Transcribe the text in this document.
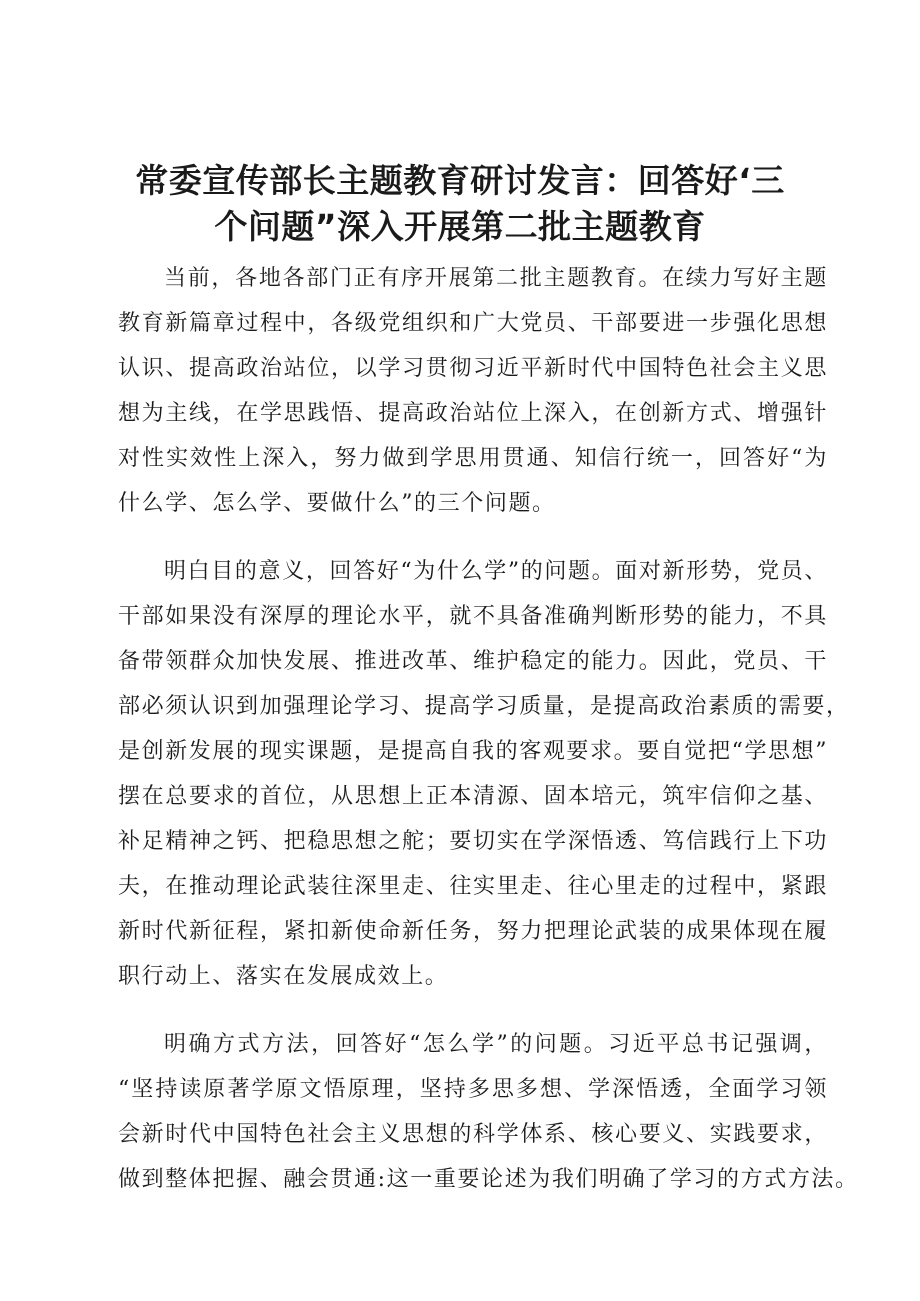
常委宣传部长主题教育研讨发言：回答好‘三
个问题”深入开展第二批主题教育

当前，各地各部门正有序开展第二批主题教育。在续力写好主题
教育新篇章过程中，各级党组织和广大党员、干部要进一步强化思想
认识、提高政治站位，以学习贯彻习近平新时代中国特色社会主义思
想为主线，在学思践悟、提高政治站位上深入，在创新方式、增强针
对性实效性上深入，努力做到学思用贯通、知信行统一，回答好“为
什么学、怎么学、要做什么”的三个问题。

明白目的意义，回答好“为什么学”的问题。面对新形势，党员、
干部如果没有深厚的理论水平，就不具备准确判断形势的能力，不具
备带领群众加快发展、推进改革、维护稳定的能力。因此，党员、干
部必须认识到加强理论学习、提高学习质量，是提高政治素质的需要，
是创新发展的现实课题，是提高自我的客观要求。要自觉把“学思想”
摆在总要求的首位，从思想上正本清源、固本培元，筑牢信仰之基、
补足精神之钙、把稳思想之舵；要切实在学深悟透、笃信践行上下功
夫，在推动理论武装往深里走、往实里走、往心里走的过程中，紧跟
新时代新征程，紧扣新使命新任务，努力把理论武装的成果体现在履
职行动上、落实在发展成效上。

明确方式方法，回答好“怎么学”的问题。习近平总书记强调，
“坚持读原著学原文悟原理，坚持多思多想、学深悟透，全面学习领
会新时代中国特色社会主义思想的科学体系、核心要义、实践要求，
做到整体把握、融会贯通:这一重要论述为我们明确了学习的方式方法。
